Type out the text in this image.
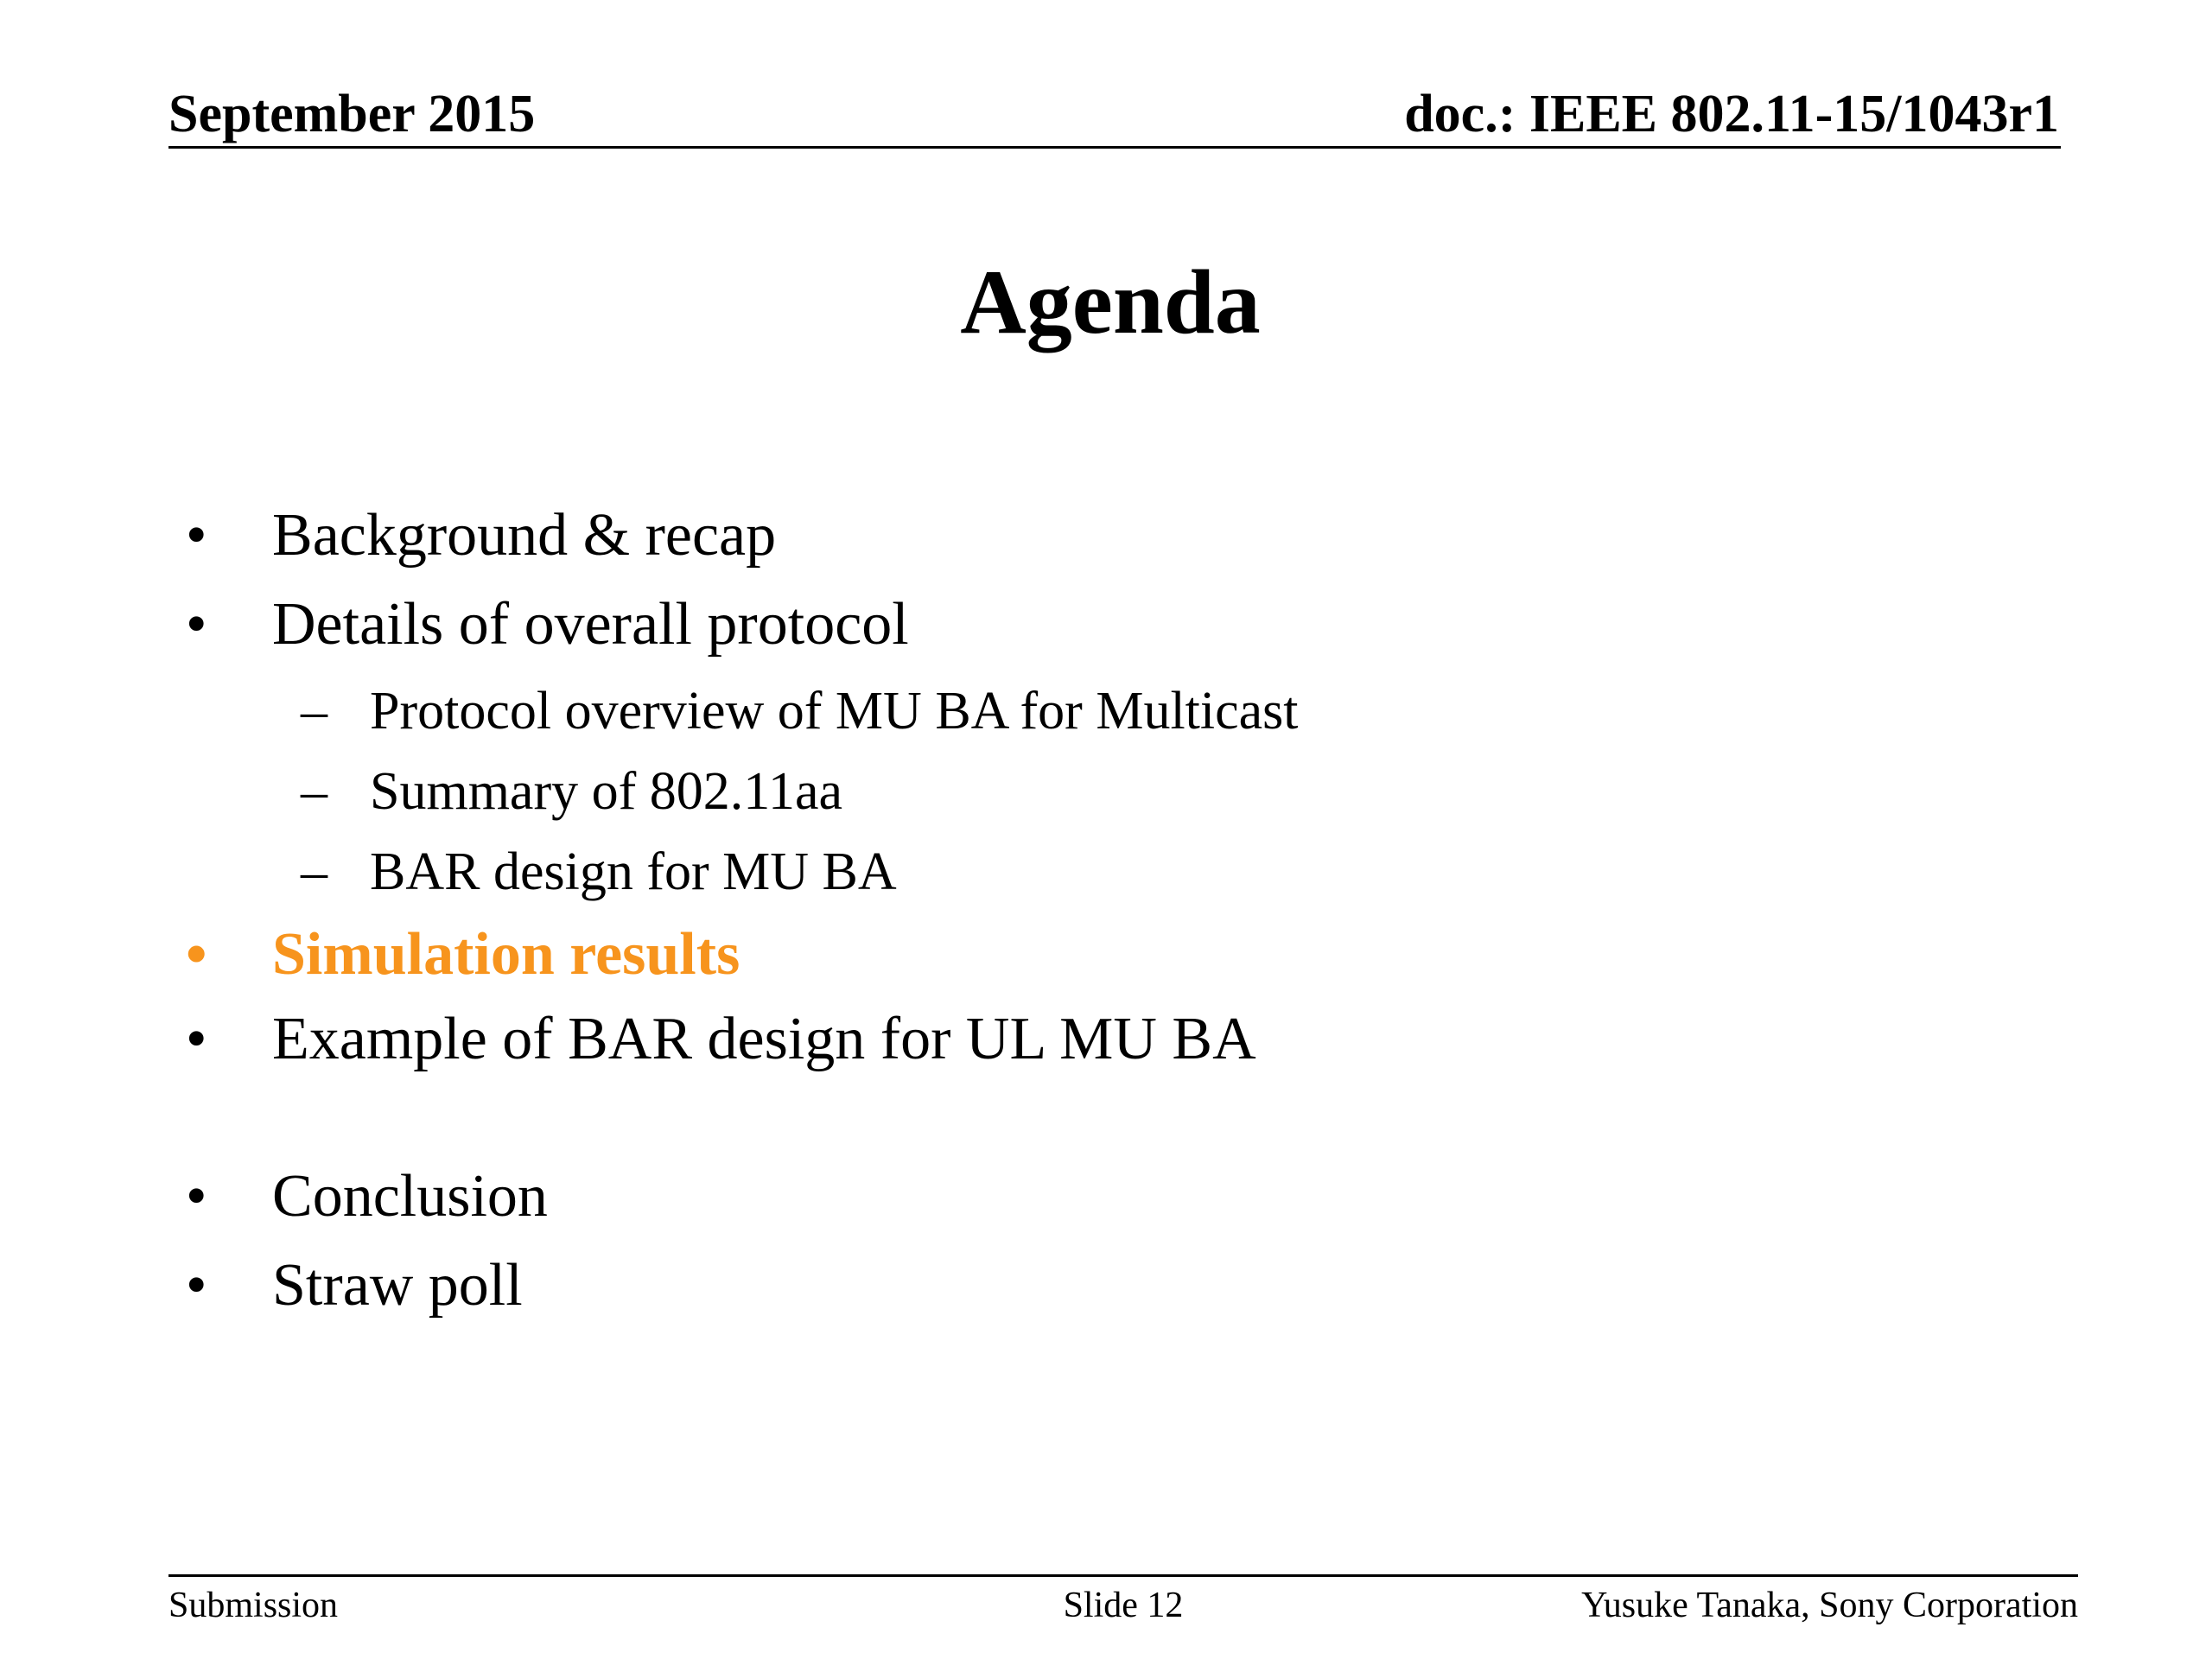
September 2015	doc.: IEEE 802.11-15/1043r1
Agenda
•	Background & recap
•	Details of overall protocol
– Protocol overview of MU BA for Multicast
– Summary of 802.11aa
– BAR design for MU BA
•	Simulation results
•	Example of BAR design for UL MU BA
•	Conclusion
•	Straw poll
Submission	Slide 12	Yusuke Tanaka, Sony Corporation
